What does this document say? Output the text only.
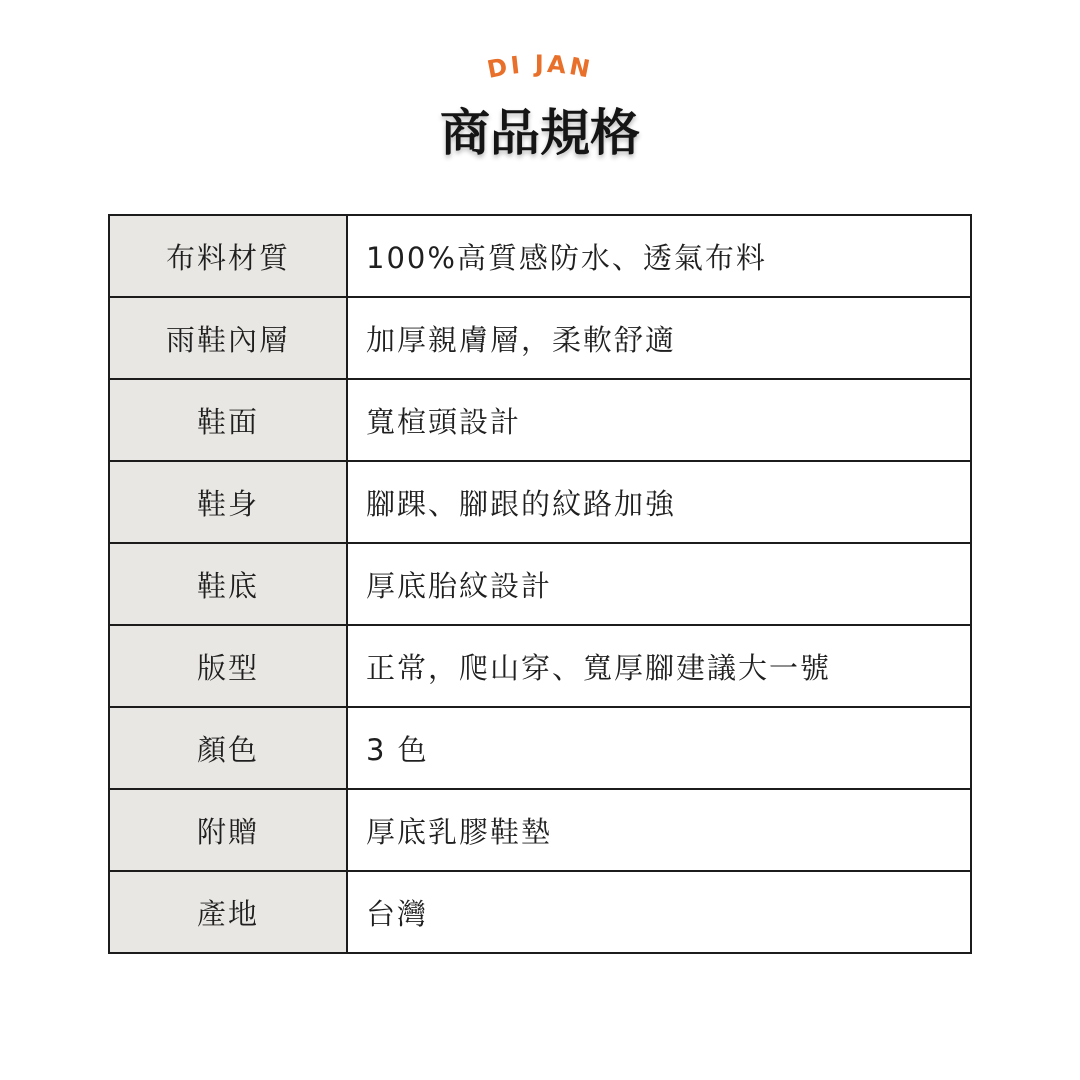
DI JAN
商品規格
布料材質	100%高質感防水、透氣布料
雨鞋內層	加厚親膚層，柔軟舒適
鞋面	寬楦頭設計
鞋身	腳踝、腳跟的紋路加強
鞋底	厚底胎紋設計
版型	正常，爬山穿、寬厚腳建議大一號
顏色	3 色
附贈	厚底乳膠鞋墊
產地	台灣
